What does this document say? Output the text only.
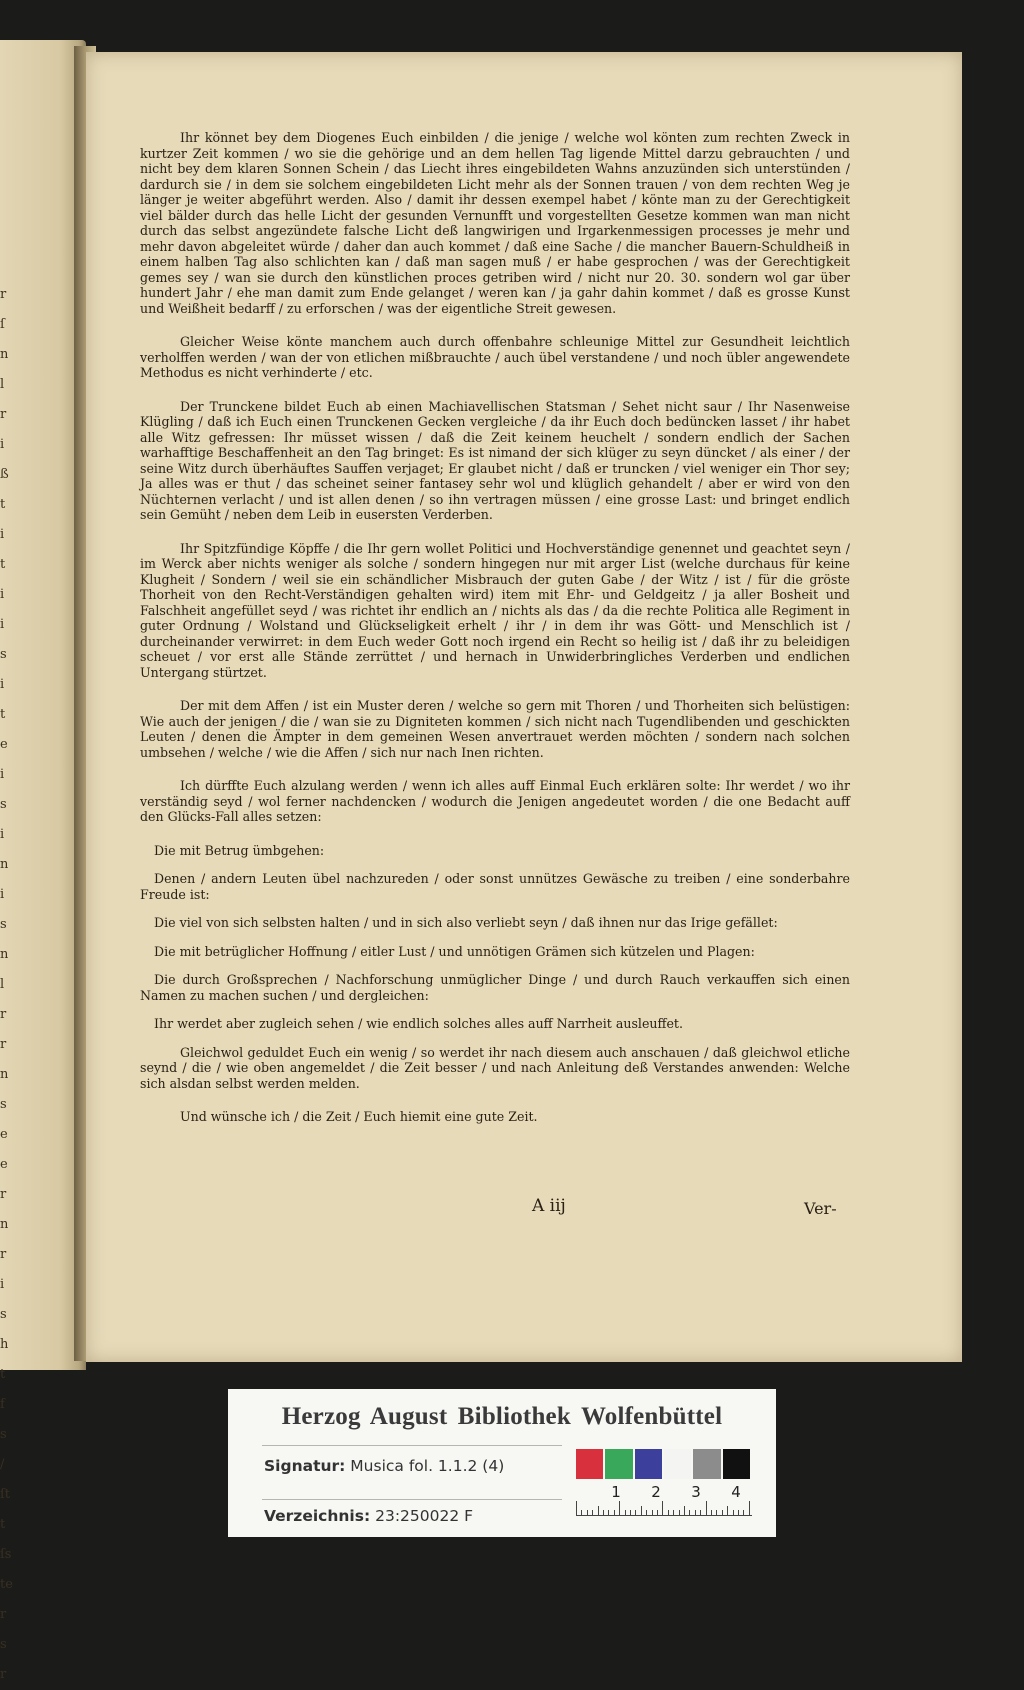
r
ſ
n
l
r
i
ß
t
i
t
i
i
s
i
t
e
i
s
i
n
i
s
n
l
r
r
n
s
e
e
r
n
r
i
s
h
t
f
s
/
ſt
t
ſs
te
r
s
r

Ihr könnet bey dem Diogenes Euch einbilden / die jenige / welche wol könten zum rechten Zweck in kurtzer Zeit kommen / wo sie die gehörige und an dem hellen Tag ligende Mittel darzu gebrauchten / und nicht bey dem klaren Sonnen Schein / das Liecht ihres eingebildeten Wahns anzuzünden sich unterstünden / dardurch sie / in dem sie solchem eingebildeten Licht mehr als der Sonnen trauen / von dem rechten Weg je länger je weiter abgeführt werden. Also / damit ihr dessen exempel habet / könte man zu der Gerechtigkeit viel bälder durch das helle Licht der gesunden Vernunfft und vorgestellten Gesetze kommen wan man nicht durch das selbst angezündete falsche Licht deß langwirigen und Irgarkenmessigen processes je mehr und mehr davon abgeleitet würde / daher dan auch kommet / daß eine Sache / die mancher Bauern-Schuldheiß in einem halben Tag also schlichten kan / daß man sagen muß / er habe gesprochen / was der Gerechtigkeit gemes sey / wan sie durch den künstlichen proces getriben wird / nicht nur 20. 30. sondern wol gar über hundert Jahr / ehe man damit zum Ende gelanget / weren kan / ja gahr dahin kommet / daß es grosse Kunst und Weißheit bedarff / zu erforschen / was der eigentliche Streit gewesen.

Gleicher Weise könte manchem auch durch offenbahre schleunige Mittel zur Gesundheit leichtlich verholffen werden / wan der von etlichen mißbrauchte / auch übel verstandene / und noch übler angewendete Methodus es nicht verhinderte / etc.

Der Trunckene bildet Euch ab einen Machiavellischen Statsman / Sehet nicht saur / Ihr Nasenweise Klügling / daß ich Euch einen Trunckenen Gecken vergleiche / da ihr Euch doch bedüncken lasset / ihr habet alle Witz gefressen: Ihr müsset wissen / daß die Zeit keinem heuchelt / sondern endlich der Sachen warhafftige Beschaffenheit an den Tag bringet: Es ist nimand der sich klüger zu seyn düncket / als einer / der seine Witz durch überhäuftes Sauffen verjaget; Er glaubet nicht / daß er truncken / viel weniger ein Thor sey; Ja alles was er thut / das scheinet seiner fantasey sehr wol und klüglich gehandelt / aber er wird von den Nüchternen verlacht / und ist allen denen / so ihn vertragen müssen / eine grosse Last: und bringet endlich sein Gemüht / neben dem Leib in eusersten Verderben.

Ihr Spitzfündige Köpffe / die Ihr gern wollet Politici und Hochverständige genennet und geachtet seyn / im Werck aber nichts weniger als solche / sondern hingegen nur mit arger List (welche durchaus für keine Klugheit / Sondern / weil sie ein schändlicher Misbrauch der guten Gabe / der Witz / ist / für die gröste Thorheit von den Recht-Verständigen gehalten wird) item mit Ehr- und Geldgeitz / ja aller Bosheit und Falschheit angefüllet seyd / was richtet ihr endlich an / nichts als das / da die rechte Politica alle Regiment in guter Ordnung / Wolstand und Glückseligkeit erhelt / ihr / in dem ihr was Gött- und Menschlich ist / durcheinander verwirret: in dem Euch weder Gott noch irgend ein Recht so heilig ist / daß ihr zu beleidigen scheuet / vor erst alle Stände zerrüttet / und hernach in Unwiderbringliches Verderben und endlichen Untergang stürtzet.

Der mit dem Affen / ist ein Muster deren / welche so gern mit Thoren / und Thorheiten sich belüstigen: Wie auch der jenigen / die / wan sie zu Digniteten kommen / sich nicht nach Tugendlibenden und geschickten Leuten / denen die Ämpter in dem gemeinen Wesen anvertrauet werden möchten / sondern nach solchen umbsehen / welche / wie die Affen / sich nur nach Inen richten.

Ich dürffte Euch alzulang werden / wenn ich alles auff Einmal Euch erklären solte: Ihr werdet / wo ihr verständig seyd / wol ferner nachdencken / wodurch die Jenigen angedeutet worden / die one Bedacht auff den Glücks-Fall alles setzen:

Die mit Betrug ümbgehen:

Denen / andern Leuten übel nachzureden / oder sonst unnützes Gewäsche zu treiben / eine sonderbahre Freude ist:

Die viel von sich selbsten halten / und in sich also verliebt seyn / daß ihnen nur das Irige gefället:

Die mit betrüglicher Hoffnung / eitler Lust / und unnötigen Grämen sich kützelen und Plagen:

Die durch Großsprechen / Nachforschung unmüglicher Dinge / und durch Rauch verkauffen sich einen Namen zu machen suchen / und dergleichen:

Ihr werdet aber zugleich sehen / wie endlich solches alles auff Narrheit ausleuffet.

Gleichwol geduldet Euch ein wenig / so werdet ihr nach diesem auch anschauen / daß gleichwol etliche seynd / die / wie oben angemeldet / die Zeit besser / und nach Anleitung deß Verstandes anwenden: Welche sich alsdan selbst werden melden.

Und wünsche ich / die Zeit / Euch hiemit eine gute Zeit.

A iij	Ver-
Herzog August Bibliothek Wolfenbüttel
Signatur: Musica fol. 1.1.2 (4)
Verzeichnis: 23:250022 F
1	2	3	4
